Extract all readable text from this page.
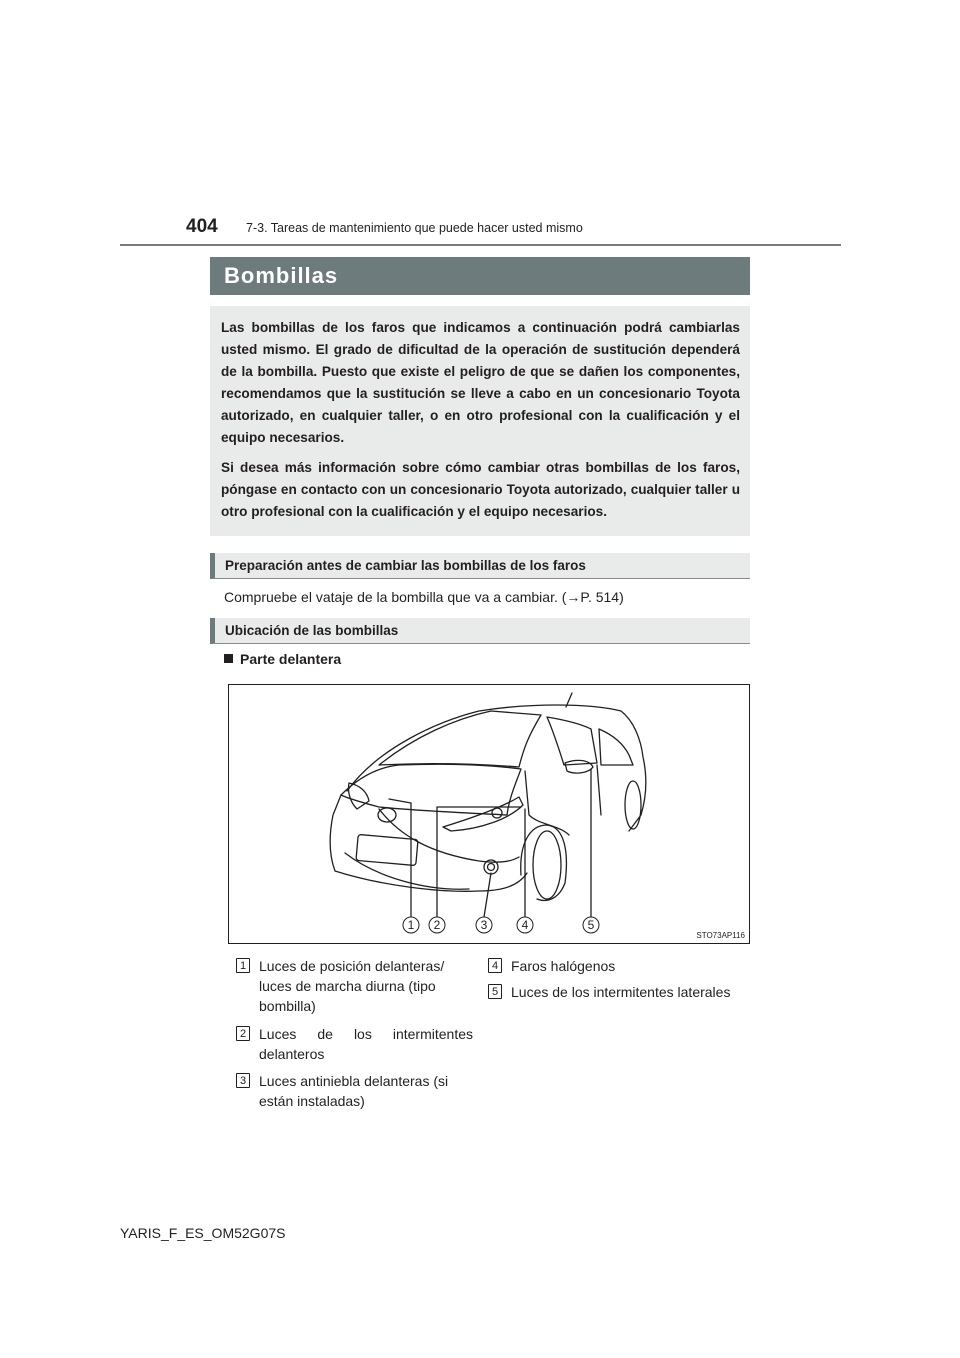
404 7-3. Tareas de mantenimiento que puede hacer usted mismo
Bombillas

Las bombillas de los faros que indicamos a continuación podrá cambiarlas usted mismo. El grado de dificultad de la operación de sustitución dependerá de la bombilla. Puesto que existe el peligro de que se dañen los componentes, recomendamos que la sustitución se lleve a cabo en un concesionario Toyota autorizado, en cualquier taller, o en otro profesional con la cualificación y el equipo necesarios.

Si desea más información sobre cómo cambiar otras bombillas de los faros, póngase en contacto con un concesionario Toyota autorizado, cualquier taller u otro profesional con la cualificación y el equipo necesarios.

Preparación antes de cambiar las bombillas de los faros
Compruebe el vataje de la bombilla que va a cambiar. (→P. 514)
Ubicación de las bombillas
Parte delantera
1 2	3	4	5
STO73AP116
1 Luces de posición delanteras/ luces de marcha diurna (tipo bombilla)
2 Luces de los intermitentes delanteros
3 Luces antiniebla delanteras (si están instaladas)
4 Faros halógenos
5 Luces de los intermitentes laterales
YARIS_F_ES_OM52G07S
